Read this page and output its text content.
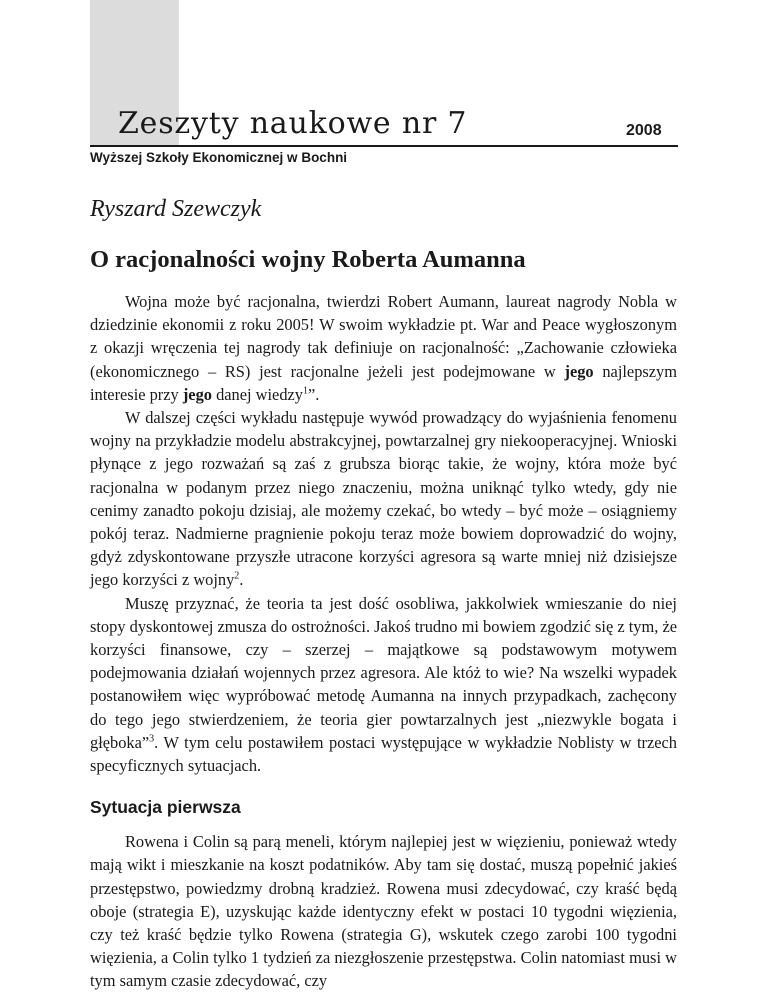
Zeszyty naukowe nr 7	2008
Wyższej Szkoły Ekonomicznej w Bochni
Ryszard Szewczyk
O racjonalności wojny Roberta Aumanna

Wojna może być racjonalna, twierdzi Robert Aumann, laureat nagrody Nobla w dziedzinie ekonomii z roku 2005! W swoim wykładzie pt. War and Peace wygłoszonym z okazji wręczenia tej nagrody tak definiuje on racjonalność: „Zachowanie człowieka (ekonomicznego – RS) jest racjonalne jeżeli jest podejmowane w jego najlepszym interesie przy jego danej wiedzy$^1$”.

W dalszej części wykładu następuje wywód prowadzący do wyjaśnienia fenomenu wojny na przykładzie modelu abstrakcyjnej, powtarzalnej gry niekooperacyjnej. Wnioski płynące z jego rozważań są zaś z grubsza biorąc takie, że wojny, która może być racjonalna w podanym przez niego znaczeniu, można uniknąć tylko wtedy, gdy nie cenimy zanadto pokoju dzisiaj, ale możemy czekać, bo wtedy – być może – osiągniemy pokój teraz. Nadmierne pragnienie pokoju teraz może bowiem doprowadzić do wojny, gdyż zdyskontowane przyszłe utracone korzyści agresora są warte mniej niż dzisiejsze jego korzyści z wojny$^2$.

Muszę przyznać, że teoria ta jest dość osobliwa, jakkolwiek wmieszanie do niej stopy dyskontowej zmusza do ostrożności. Jakoś trudno mi bowiem zgodzić się z tym, że korzyści finansowe, czy – szerzej – majątkowe są podstawowym motywem podejmowania działań wojennych przez agresora. Ale któż to wie? Na wszelki wypadek postanowiłem więc wypróbować metodę Aumanna na innych przypadkach, zachęcony do tego jego stwierdzeniem, że teoria gier powtarzalnych jest „niezwykle bogata i głęboka”$^3$. W tym celu postawiłem postaci występujące w wykładzie Noblisty w trzech specyficznych sytuacjach.

Sytuacja pierwsza

Rowena i Colin są parą meneli, którym najlepiej jest w więzieniu, ponieważ wtedy mają wikt i mieszkanie na koszt podatników. Aby tam się dostać, muszą popełnić jakieś przestępstwo, powiedzmy drobną kradzież. Rowena musi zdecydować, czy kraść będą oboje (strategia E), uzyskując każde identyczny efekt w postaci 10 tygodni więzienia, czy też kraść będzie tylko Rowena (strategia G), wskutek czego zarobi 100 tygodni więzienia, a Colin tylko 1 tydzień za niezgłoszenie przestępstwa. Colin natomiast musi w tym samym czasie zdecydować, czy
